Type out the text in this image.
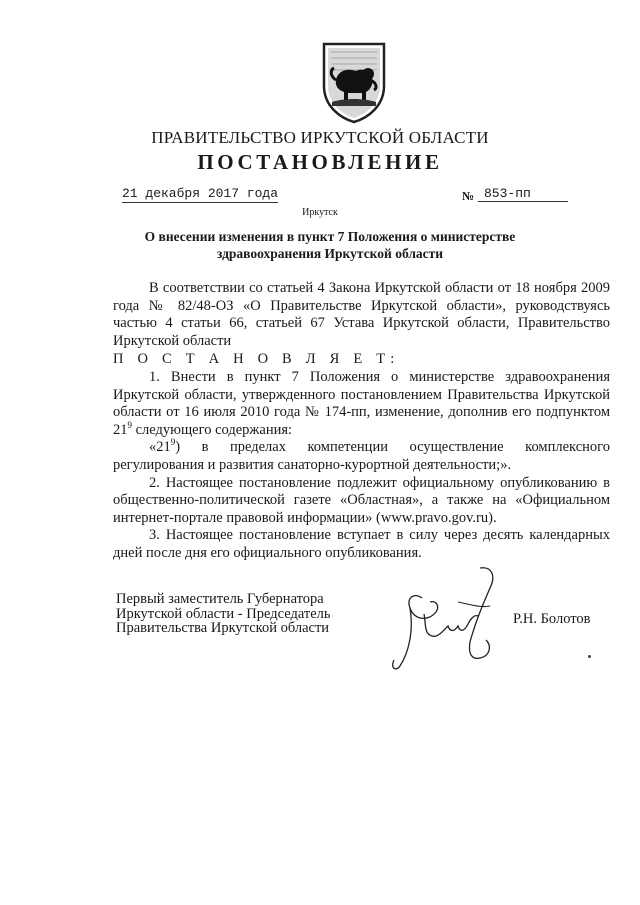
ПРАВИТЕЛЬСТВО ИРКУТСКОЙ ОБЛАСТИ
ПОСТАНОВЛЕНИЕ
21 декабря 2017 года	№ 853-пп
Иркутск
О внесении изменения в пункт 7 Положения о министерстве
здравоохранения Иркутской области

В соответствии со статьей 4 Закона Иркутской области от 18 ноября 2009 года № 82/48-ОЗ «О Правительстве Иркутской области», руководствуясь частью 4 статьи 66, статьей 67 Устава Иркутской области, Правительство Иркутской области

П О С Т А Н О В Л Я Е Т:

1. Внести в пункт 7 Положения о министерстве здравоохранения Иркутской области, утвержденного постановлением Правительства Иркутской области от 16 июля 2010 года № 174-пп, изменение, дополнив его подпунктом $21^9$ следующего содержания:

«$21^9$) в пределах компетенции осуществление комплексного регулирования и развития санаторно-курортной деятельности;».

2. Настоящее постановление подлежит официальному опубликованию в общественно-политической газете «Областная», а также на «Официальном интернет-портале правовой информации» (www.pravo.gov.ru).

3. Настоящее постановление вступает в силу через десять календарных дней после дня его официального опубликования.

Первый заместитель Губернатора
Иркутской области - Председатель
Правительства Иркутской области
Р.Н. Болотов
